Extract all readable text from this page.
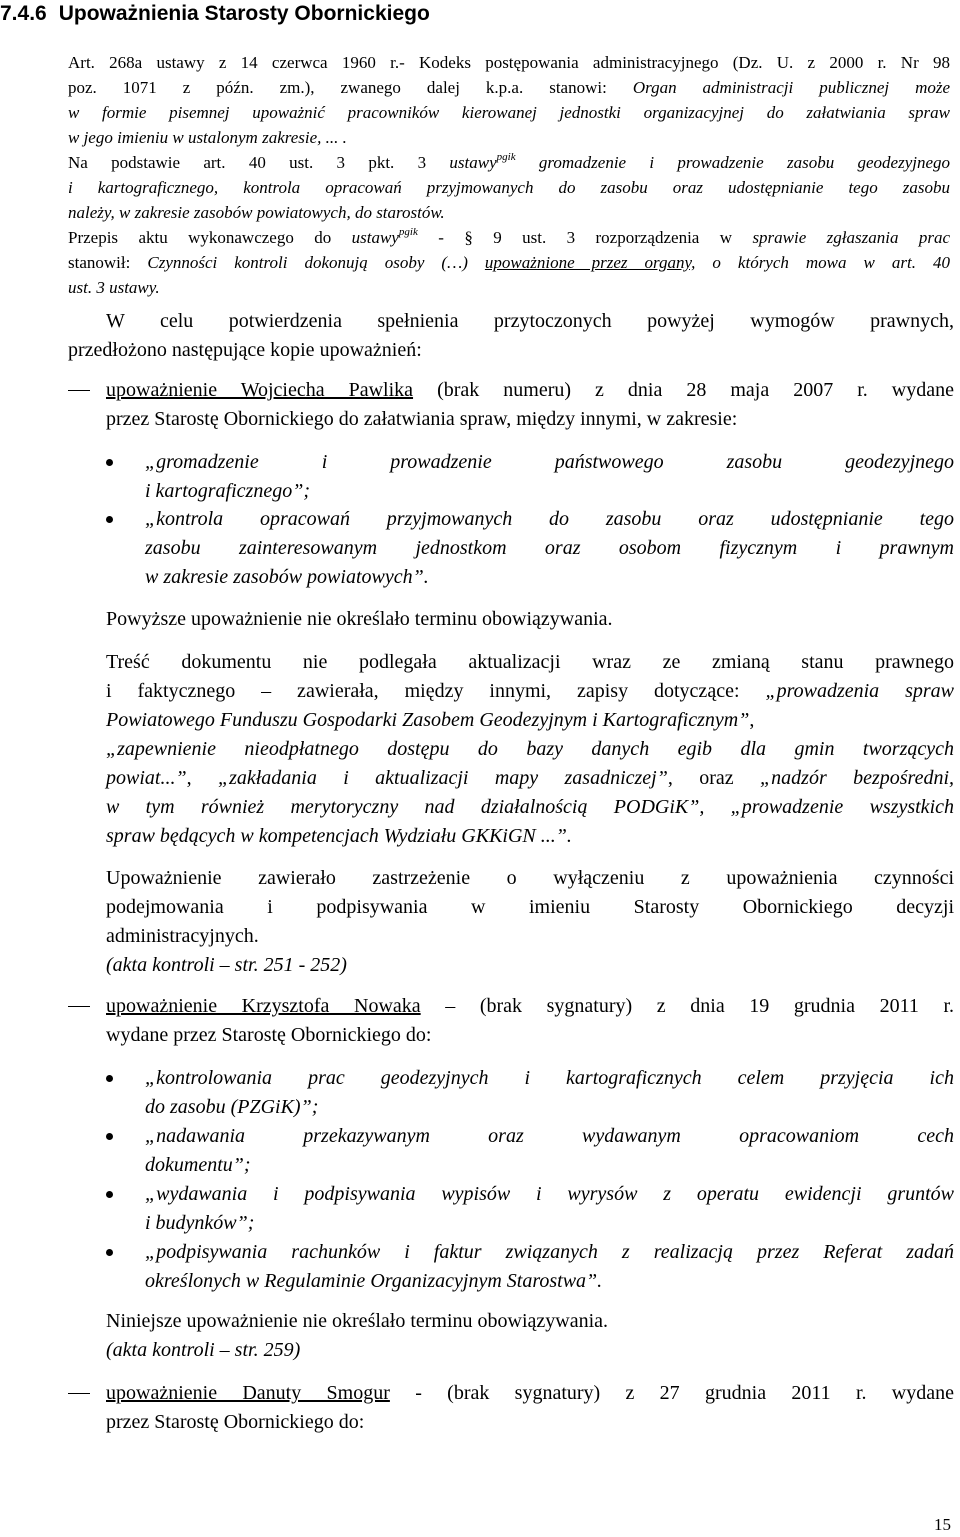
7.4.6 Upoważnienia Starosty Obornickiego
Art. 268a ustawy z 14 czerwca 1960 r.- Kodeks postępowania administracyjnego (Dz. U. z 2000 r. Nr 98
poz. 1071 z późn. zm.), zwanego dalej k.p.a. stanowi: Organ administracji publicznej może
w formie pisemnej upoważnić pracowników kierowanej jednostki organizacyjnej do załatwiania spraw
w jego imieniu w ustalonym zakresie, ... .
Na podstawie art. 40 ust. 3 pkt. 3 ustawy$^{pgik}$ gromadzenie i prowadzenie zasobu geodezyjnego
i kartograficznego, kontrola opracowań przyjmowanych do zasobu oraz udostępnianie tego zasobu
należy, w zakresie zasobów powiatowych, do starostów.
Przepis aktu wykonawczego do ustawy$^{pgik}$ - § 9 ust. 3 rozporządzenia w sprawie zgłaszania prac
stanowił: Czynności kontroli dokonują osoby (…) upoważnione przez organy, o których mowa w art. 40
ust. 3 ustawy.
W celu potwierdzenia spełnienia przytoczonych powyżej wymogów prawnych,
przedłożono następujące kopie upoważnień:
upoważnienie Wojciecha Pawlika (brak numeru) z dnia 28 maja 2007 r. wydane
przez Starostę Obornickiego do załatwiania spraw, między innymi, w zakresie:
„gromadzenie i prowadzenie państwowego zasobu geodezyjnego
i kartograficznego”;
„kontrola opracowań przyjmowanych do zasobu oraz udostępnianie tego
zasobu zainteresowanym jednostkom oraz osobom fizycznym i prawnym
w zakresie zasobów powiatowych”.
Powyższe upoważnienie nie określało terminu obowiązywania.
Treść dokumentu nie podlegała aktualizacji wraz ze zmianą stanu prawnego
i faktycznego – zawierała, między innymi, zapisy dotyczące: „prowadzenia spraw
Powiatowego Funduszu Gospodarki Zasobem Geodezyjnym i Kartograficznym”,
„zapewnienie nieodpłatnego dostępu do bazy danych egib dla gmin tworzących
powiat...”, „zakładania i aktualizacji mapy zasadniczej”, oraz „nadzór bezpośredni,
w tym również merytoryczny nad działalnością PODGiK”, „prowadzenie wszystkich
spraw będących w kompetencjach Wydziału GKKiGN ...”.
Upoważnienie zawierało zastrzeżenie o wyłączeniu z upoważnienia czynności
podejmowania i podpisywania w imieniu Starosty Obornickiego decyzji
administracyjnych.
(akta kontroli – str. 251 - 252)
upoważnienie Krzysztofa Nowaka – (brak sygnatury) z dnia 19 grudnia 2011 r.
wydane przez Starostę Obornickiego do:
„kontrolowania prac geodezyjnych i kartograficznych celem przyjęcia ich
do zasobu (PZGiK)”;
„nadawania przekazywanym oraz wydawanym opracowaniom cech
dokumentu”;
„wydawania i podpisywania wypisów i wyrysów z operatu ewidencji gruntów
i budynków”;
„podpisywania rachunków i faktur związanych z realizacją przez Referat zadań
określonych w Regulaminie Organizacyjnym Starostwa”.
Niniejsze upoważnienie nie określało terminu obowiązywania.
(akta kontroli – str. 259)
upoważnienie Danuty Smogur - (brak sygnatury) z 27 grudnia 2011 r. wydane
przez Starostę Obornickiego do:
15
